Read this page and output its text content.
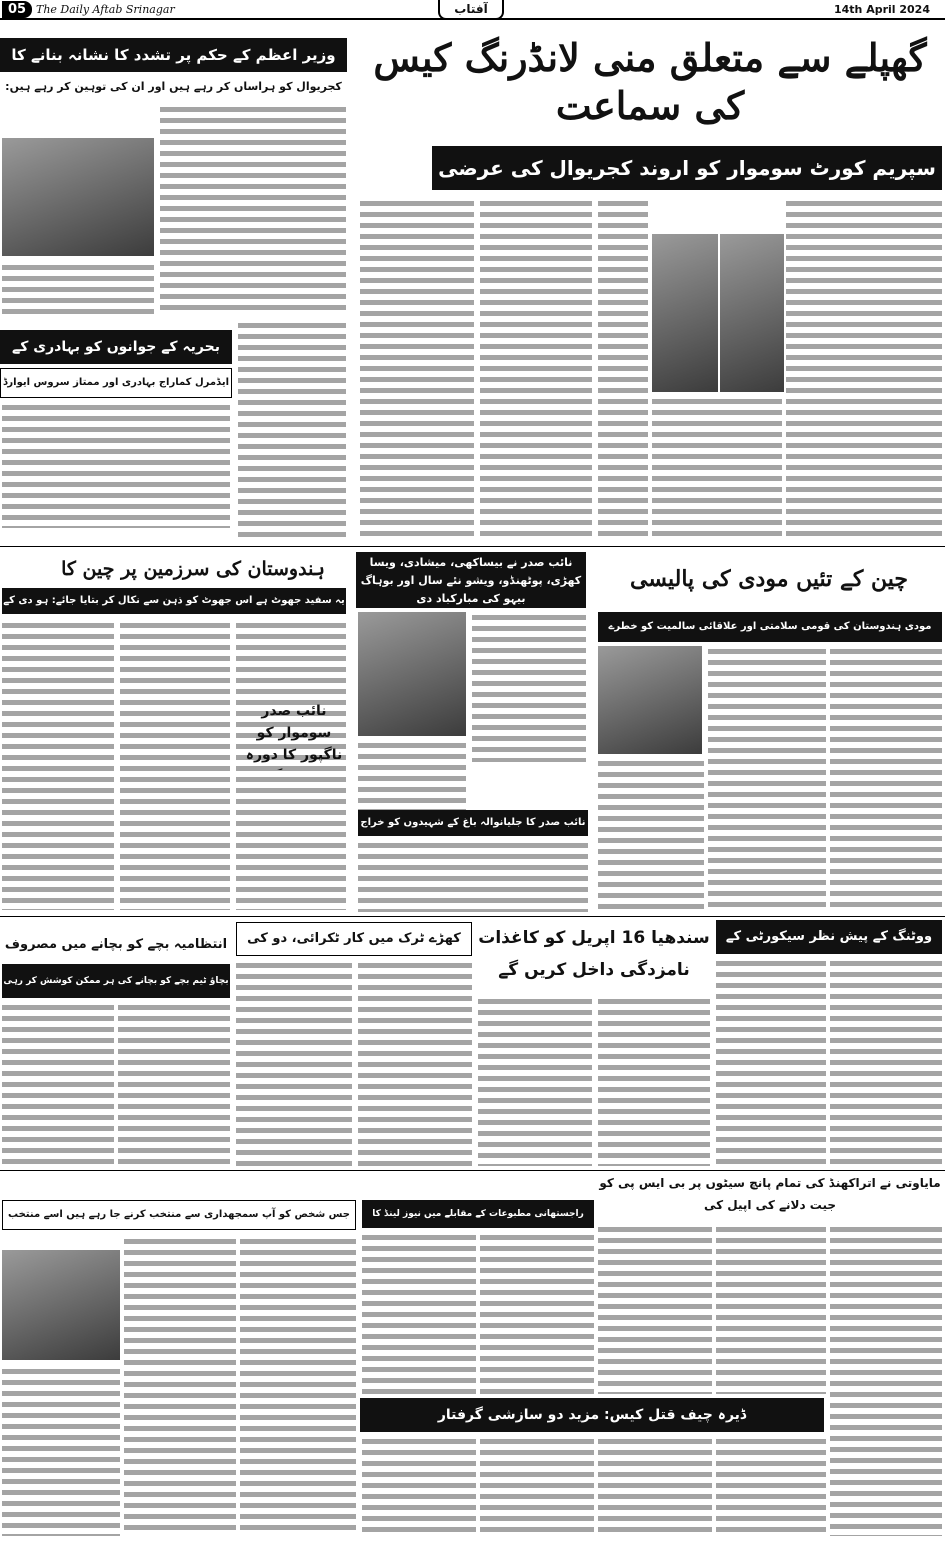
05 The Daily Aftab Srinagar	آفتاب	14th April 2024
گھپلے سے متعلق منی لانڈرنگ کیس کی سماعت
سپریم کورٹ سوموار کو اروند کجریوال کی عرضی
وزیر اعظم کے حکم پر تشدد کا نشانہ بنانے کا
کجریوال کو ہراساں کر رہے ہیں اور ان کی توہین کر رہے ہیں:
بحریہ کے جوانوں کو بہادری کے
ایڈمرل کماراج بہادری اور ممتاز سروس ایوارڈ
ہندوستان کی سرزمین پر چین کا
یہ سفید جھوٹ ہے اس جھوٹ کو ذہن سے نکال کر بتایا جائے: ہو دی کے
نائب صدر نے بیساکھی، میشادی، ویسا کھڑی، پوٹھنڈو، ویشو نئے سال اور بوہاگ بیہو کی مبارکباد دی
نائب صدر سوموار کو ناگپور کا دورہ
نائب صدر کا جلیانوالہ باغ کے شہیدوں کو خراج
چین کے تئیں مودی کی پالیسی
مودی ہندوستان کی قومی سلامتی اور علاقائی سالمیت کو خطرے
ووٹنگ کے پیش نظر سیکورٹی کے
سندھیا 16 اپریل کو کاغذات نامزدگی داخل کریں گے
کھڑے ٹرک میں کار ٹکرائی، دو کی
انتظامیہ بچے کو بچانے میں مصروف
بچاؤ ٹیم بچے کو بچانے کی ہر ممکن کوشش کر رہی
مایاوتی نے اتراکھنڈ کی تمام پانچ سیٹوں پر بی ایس پی کو جیت دلانے کی اپیل کی
راجستھانی مطبوعات کے مقابلے میں نیوز لینڈ کا
جس شخص کو آپ سمجھداری سے منتخب کرنے جا رہے ہیں اسے منتخب
ڈیرہ چیف قتل کیس: مزید دو سازشی گرفتار
